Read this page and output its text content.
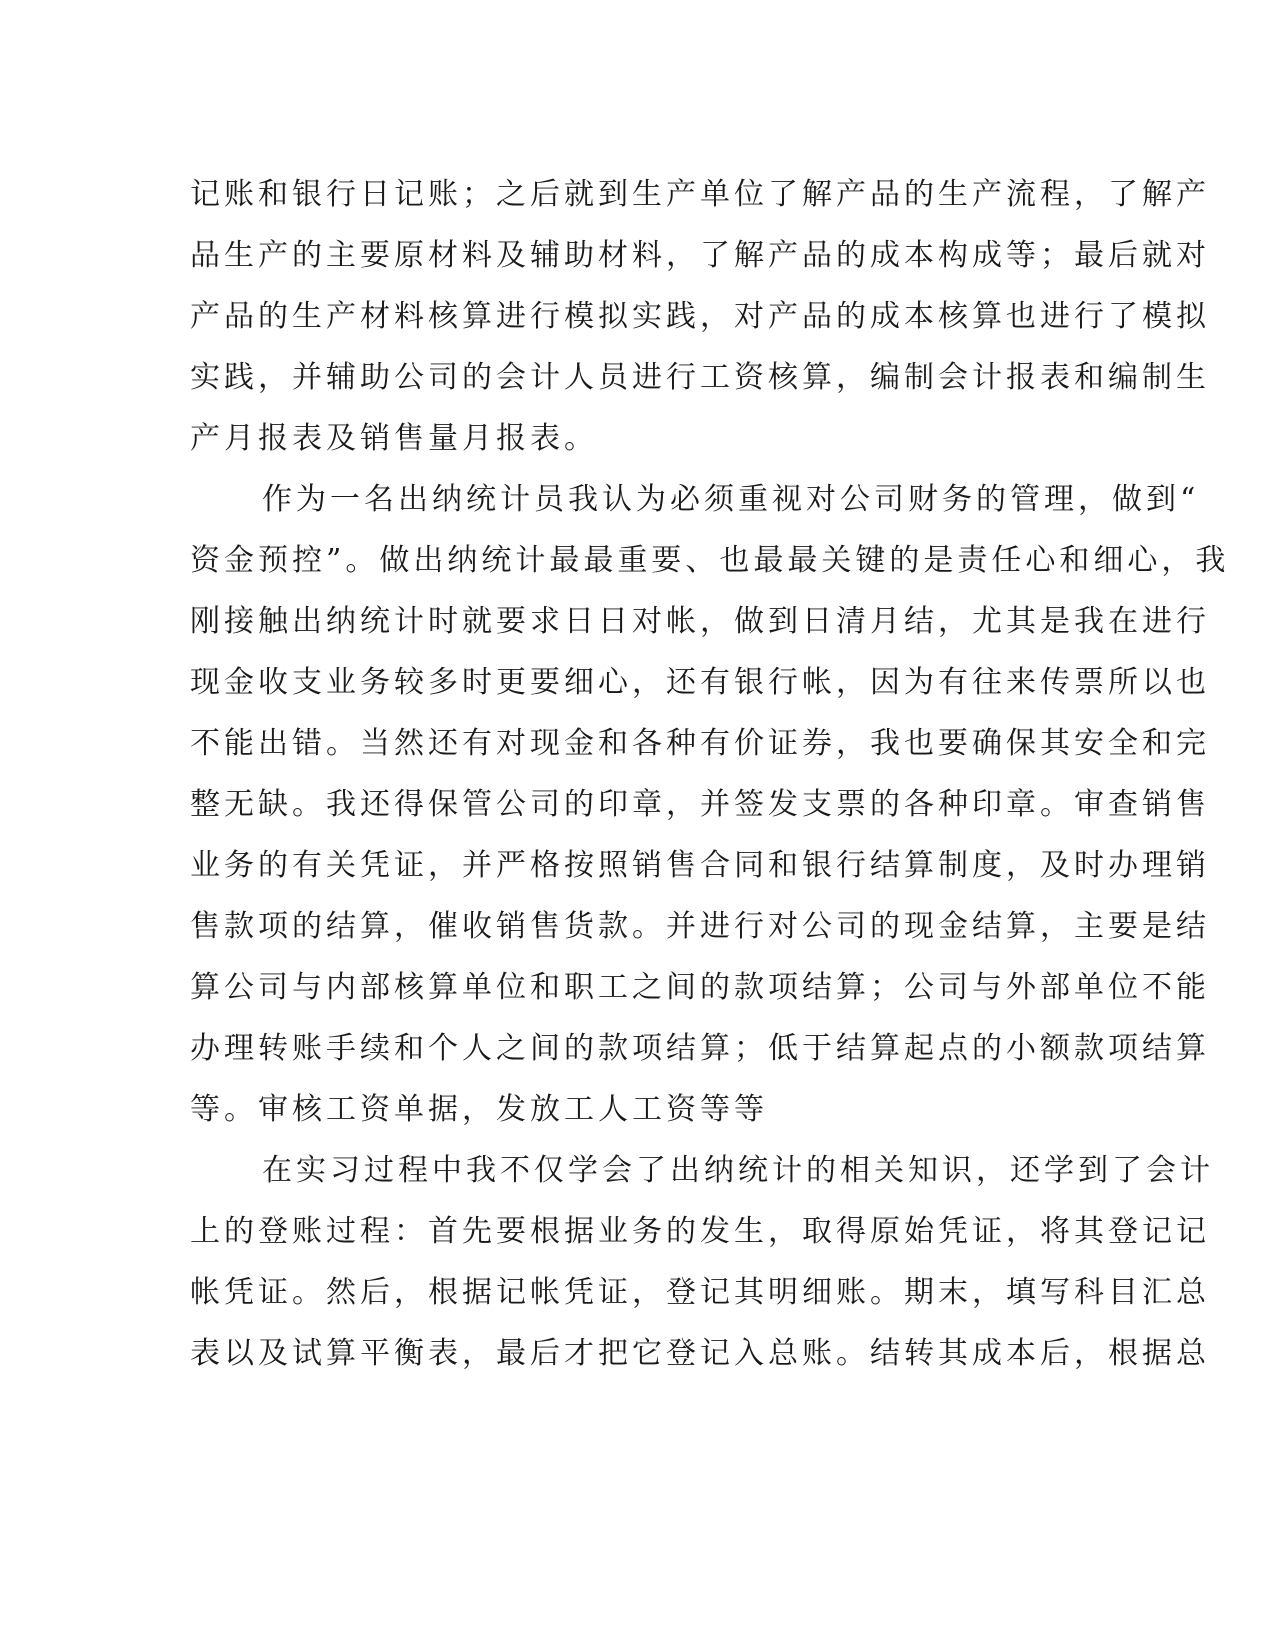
记账和银行日记账；之后就到生产单位了解产品的生产流程，了解产
品生产的主要原材料及辅助材料，了解产品的成本构成等；最后就对
产品的生产材料核算进行模拟实践，对产品的成本核算也进行了模拟
实践，并辅助公司的会计人员进行工资核算，编制会计报表和编制生
产月报表及销售量月报表。
作为一名出纳统计员我认为必须重视对公司财务的管理，做到“
资金预控”。做出纳统计最最重要、也最最关键的是责任心和细心，我
刚接触出纳统计时就要求日日对帐，做到日清月结，尤其是我在进行
现金收支业务较多时更要细心，还有银行帐，因为有往来传票所以也
不能出错。当然还有对现金和各种有价证券，我也要确保其安全和完
整无缺。我还得保管公司的印章，并签发支票的各种印章。审查销售
业务的有关凭证，并严格按照销售合同和银行结算制度，及时办理销
售款项的结算，催收销售货款。并进行对公司的现金结算，主要是结
算公司与内部核算单位和职工之间的款项结算；公司与外部单位不能
办理转账手续和个人之间的款项结算；低于结算起点的小额款项结算
等。审核工资单据，发放工人工资等等
在实习过程中我不仅学会了出纳统计的相关知识，还学到了会计
上的登账过程：首先要根据业务的发生，取得原始凭证，将其登记记
帐凭证。然后，根据记帐凭证，登记其明细账。期末，填写科目汇总
表以及试算平衡表，最后才把它登记入总账。结转其成本后，根据总
